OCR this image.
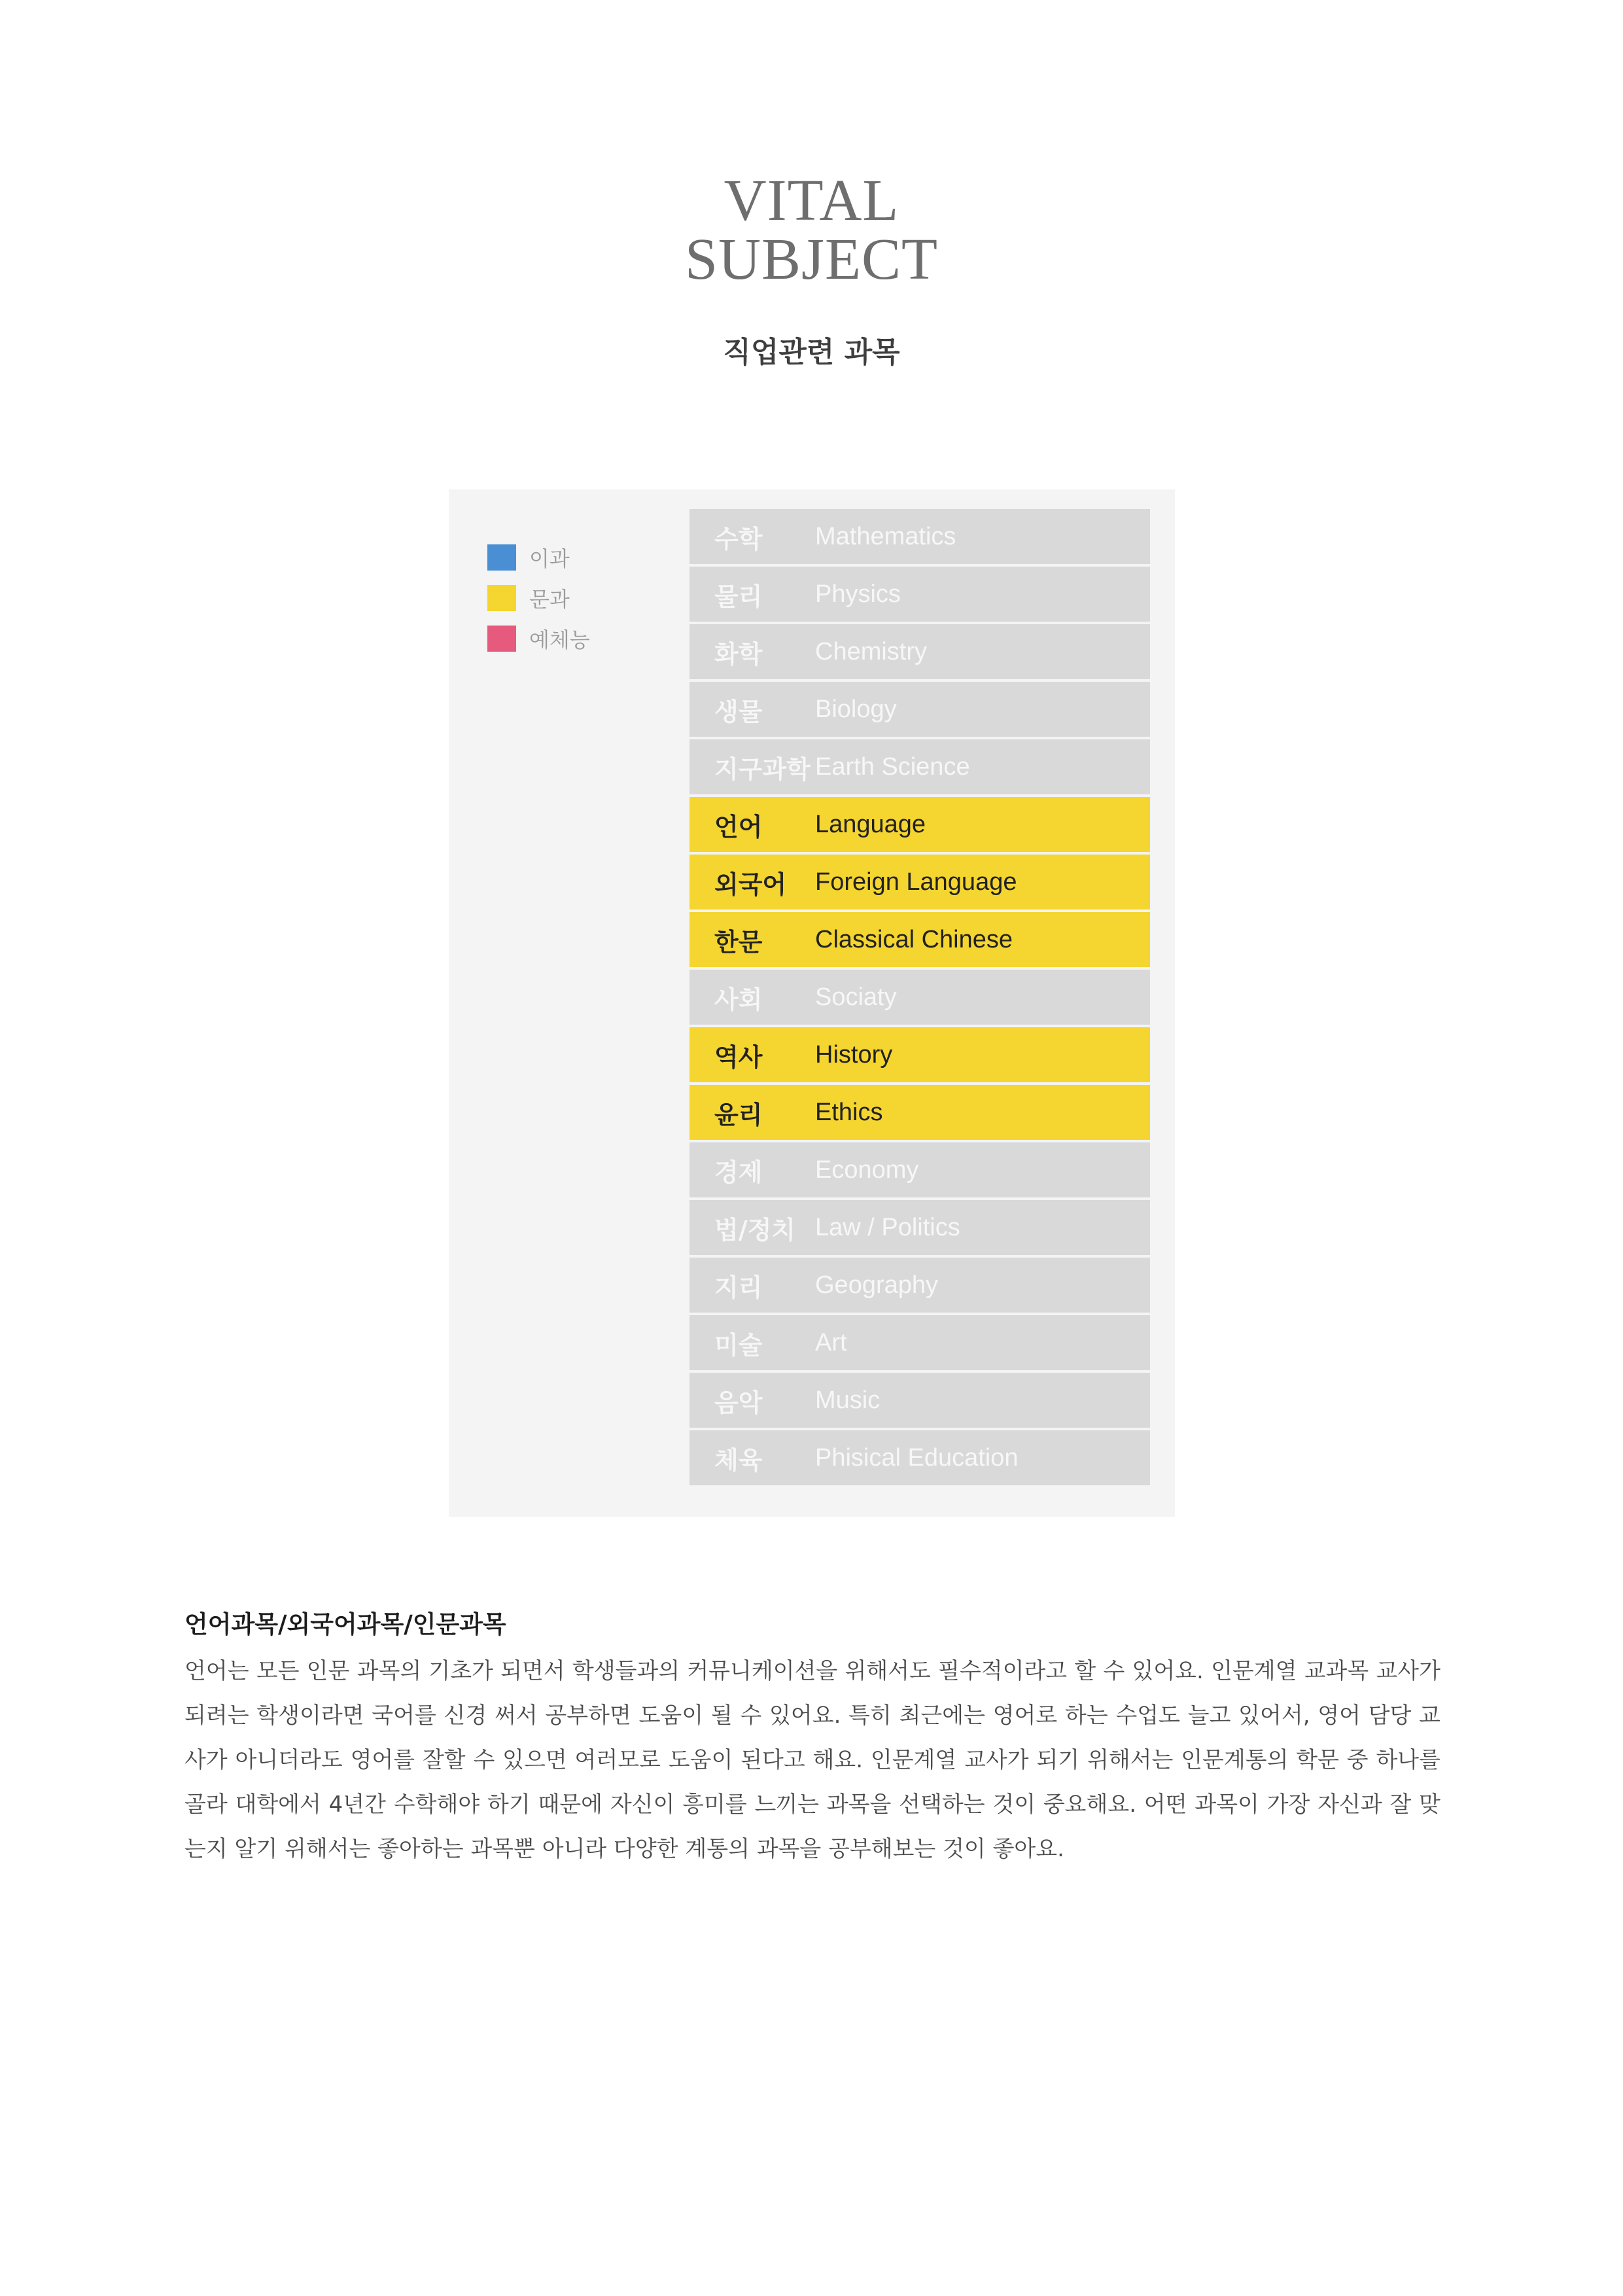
VITAL
SUBJECT
직업관련 과목
이과
문과
예체능
수학	Mathematics
물리	Physics
화학	Chemistry
생물	Biology
지구과학 Earth Science
언어	Language
외국어	Foreign Language
한문	Classical Chinese
사회	Sociaty
역사	History
윤리	Ethics
경제	Economy
법/정치 Law / Politics
지리	Geography
미술	Art
음악	Music
체육	Phisical Education
언어과목/외국어과목/인문과목
언어는 모든 인문 과목의 기초가 되면서 학생들과의 커뮤니케이션을 위해서도 필수적이라고 할 수 있어요. 인문계열 교과목 교사가 되려는 학생이라면 국어를 신경 써서 공부하면 도움이 될 수 있어요. 특히 최근에는 영어로 하는 수업도 늘고 있어서, 영어 담당 교사가 아니더라도 영어를 잘할 수 있으면 여러모로 도움이 된다고 해요. 인문계열 교사가 되기 위해서는 인문계통의 학문 중 하나를 골라 대학에서 4년간 수학해야 하기 때문에 자신이 흥미를 느끼는 과목을 선택하는 것이 중요해요. 어떤 과목이 가장 자신과 잘 맞는지 알기 위해서는 좋아하는 과목뿐 아니라 다양한 계통의 과목을 공부해보는 것이 좋아요.
